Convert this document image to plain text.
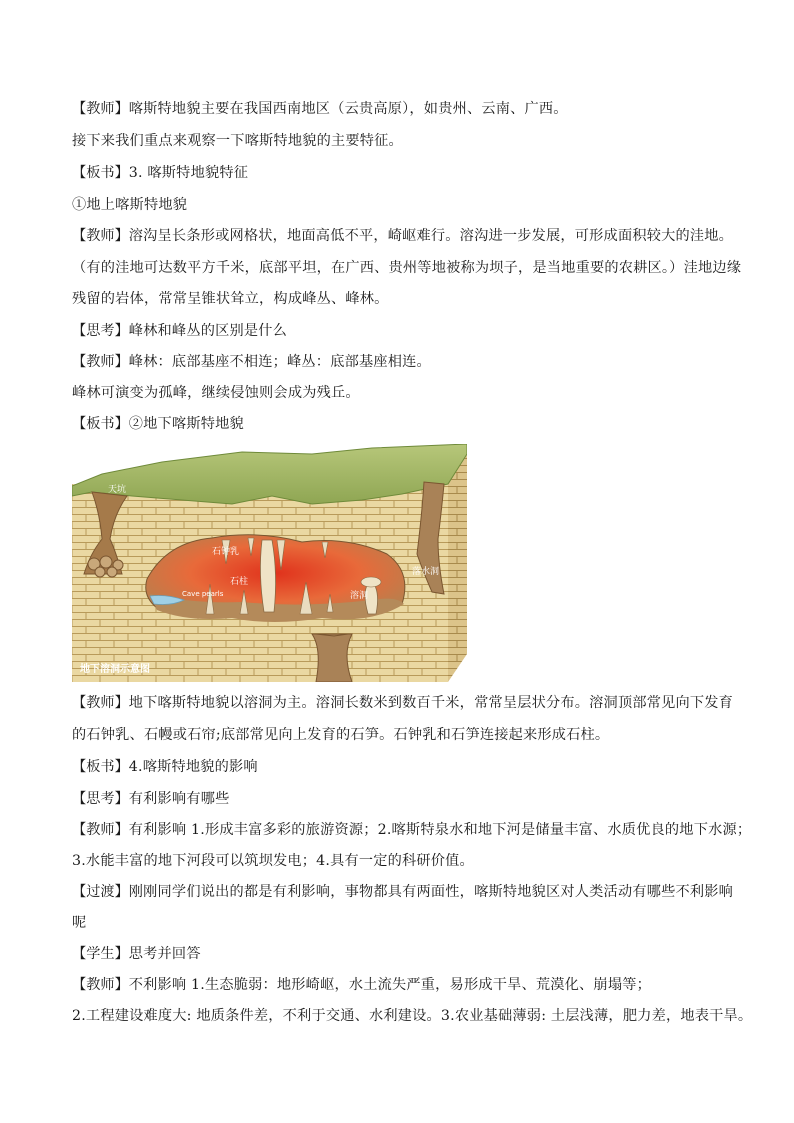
【教师】喀斯特地貌主要在我国西南地区（云贵高原），如贵州、云南、广西。
接下来我们重点来观察一下喀斯特地貌的主要特征。
【板书】3. 喀斯特地貌特征
①地上喀斯特地貌
【教师】溶沟呈长条形或网格状，地面高低不平，崎岖难行。溶沟进一步发展，可形成面积较大的洼地。
（有的洼地可达数平方千米，底部平坦，在广西、贵州等地被称为坝子，是当地重要的农耕区。）洼地边缘
残留的岩体，常常呈锥状耸立，构成峰丛、峰林。
【思考】峰林和峰丛的区别是什么
【教师】峰林：底部基座不相连；峰丛：底部基座相连。
峰林可演变为孤峰，继续侵蚀则会成为残丘。
【板书】②地下喀斯特地貌
天坑
石钟乳
石柱
Cave pearls	溶洞
落水洞
地下溶洞示意图
【教师】地下喀斯特地貌以溶洞为主。溶洞长数米到数百千米，常常呈层状分布。溶洞顶部常见向下发育
的石钟乳、石幔或石帘;底部常见向上发育的石笋。石钟乳和石笋连接起来形成石柱。
【板书】4.喀斯特地貌的影响
【思考】有利影响有哪些
【教师】有利影响 1.形成丰富多彩的旅游资源；2.喀斯特泉水和地下河是储量丰富、水质优良的地下水源；
3.水能丰富的地下河段可以筑坝发电；4.具有一定的科研价值。
【过渡】刚刚同学们说出的都是有利影响，事物都具有两面性，喀斯特地貌区对人类活动有哪些不利影响
呢
【学生】思考并回答
【教师】不利影响 1.生态脆弱：地形崎岖，水土流失严重，易形成干旱、荒漠化、崩塌等；
2.工程建设难度大: 地质条件差，不利于交通、水利建设。3.农业基础薄弱: 土层浅薄，肥力差，地表干旱。
